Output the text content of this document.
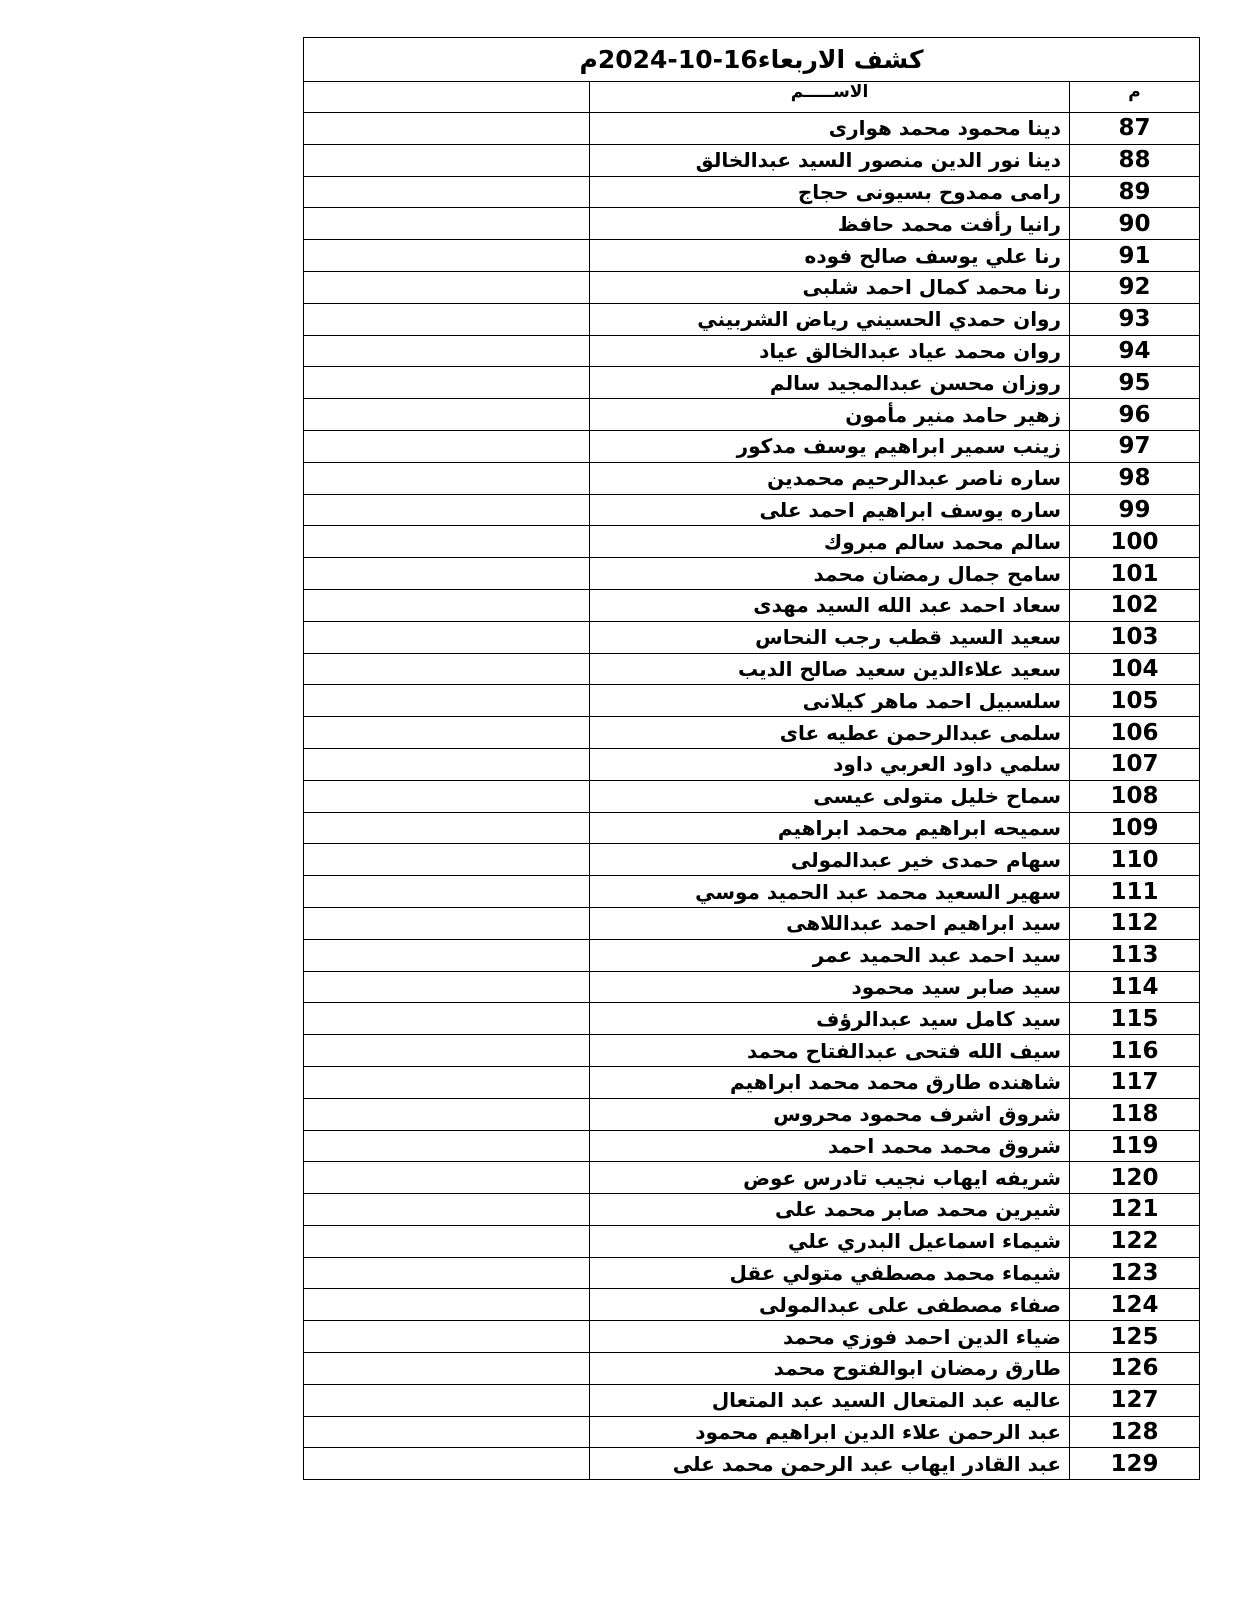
كشف الاربعاء16-10-2024م		
	الاســـــم	م
	دينا محمود محمد هوارى	87
	دينا نور الدين منصور السيد عبدالخالق	88
	رامى ممدوح بسيونى حجاج	89
	رانيا رأفت محمد حافظ	90
	رنا علي يوسف صالح فوده	91
	رنا محمد كمال احمد شلبى	92
	روان حمدي الحسيني رياض الشربيني	93
	روان محمد عياد عبدالخالق عياد	94
	روزان محسن عبدالمجيد سالم	95
	زهير حامد منير مأمون	96
	زينب سمير ابراهيم يوسف مدكور	97
	ساره ناصر عبدالرحيم محمدين	98
	ساره يوسف ابراهيم احمد على	99
	سالم محمد سالم مبروك	100
	سامح جمال رمضان محمد	101
	سعاد احمد عبد الله السيد مهدى	102
	سعيد السيد قطب رجب النحاس	103
	سعيد علاءالدين سعيد صالح الديب	104
	سلسبيل احمد ماهر كيلانى	105
	سلمى عبدالرحمن عطيه عاى	106
	سلمي داود العربي داود	107
	سماح خليل متولى عيسى	108
	سميحه ابراهيم محمد ابراهيم	109
	سهام حمدى خير عبدالمولى	110
	سهير السعيد محمد عبد الحميد موسي	111
	سيد ابراهيم احمد عبداللاهى	112
	سيد احمد عبد الحميد عمر	113
	سيد صابر سيد محمود	114
	سيد كامل سيد عبدالرؤف	115
	سيف الله فتحى عبدالفتاح محمد	116
	شاهنده طارق محمد محمد ابراهيم	117
	شروق اشرف محمود محروس	118
	شروق محمد محمد احمد	119
	شريفه ايهاب نجيب تادرس عوض	120
	شيرين محمد صابر محمد على	121
	شيماء اسماعيل البدري علي	122
	شيماء محمد مصطفي متولي عقل	123
	صفاء مصطفى على عبدالمولى	124
	ضياء الدين احمد فوزي محمد	125
	طارق رمضان ابوالفتوح محمد	126
	عاليه عبد المتعال السيد عبد المتعال	127
	عبد الرحمن علاء الدين ابراهيم محمود	128
	عبد القادر ايهاب عبد الرحمن محمد على	129
